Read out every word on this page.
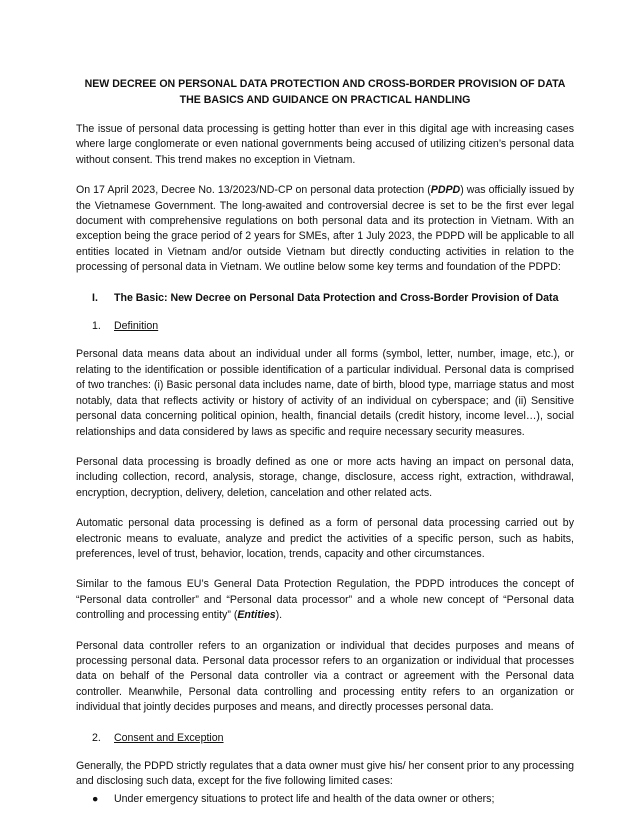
NEW DECREE ON PERSONAL DATA PROTECTION AND CROSS-BORDER PROVISION OF DATA THE BASICS AND GUIDANCE ON PRACTICAL HANDLING

The issue of personal data processing is getting hotter than ever in this digital age with increasing cases where large conglomerate or even national governments being accused of utilizing citizen’s personal data without consent. This trend makes no exception in Vietnam.

On 17 April 2023, Decree No. 13/2023/ND-CP on personal data protection (PDPD) was officially issued by the Vietnamese Government. The long-awaited and controversial decree is set to be the first ever legal document with comprehensive regulations on both personal data and its protection in Vietnam. With an exception being the grace period of 2 years for SMEs, after 1 July 2023, the PDPD will be applicable to all entities located in Vietnam and/or outside Vietnam but directly conducting activities in relation to the processing of personal data in Vietnam. We outline below some key terms and foundation of the PDPD:

I.	The Basic: New Decree on Personal Data Protection and Cross-Border Provision of Data
1.	Definition

Personal data means data about an individual under all forms (symbol, letter, number, image, etc.), or relating to the identification or possible identification of a particular individual. Personal data is comprised of two tranches: (i) Basic personal data includes name, date of birth, blood type, marriage status and most notably, data that reflects activity or history of activity of an individual on cyberspace; and (ii) Sensitive personal data concerning political opinion, health, financial details (credit history, income level…), social relationships and data considered by laws as specific and require necessary security measures.

Personal data processing is broadly defined as one or more acts having an impact on personal data, including collection, record, analysis, storage, change, disclosure, access right, extraction, withdrawal, encryption, decryption, delivery, deletion, cancelation and other related acts.

Automatic personal data processing is defined as a form of personal data processing carried out by electronic means to evaluate, analyze and predict the activities of a specific person, such as habits, preferences, level of trust, behavior, location, trends, capacity and other circumstances.

Similar to the famous EU’s General Data Protection Regulation, the PDPD introduces the concept of “Personal data controller” and “Personal data processor” and a whole new concept of “Personal data controlling and processing entity” (Entities).

Personal data controller refers to an organization or individual that decides purposes and means of processing personal data. Personal data processor refers to an organization or individual that processes data on behalf of the Personal data controller via a contract or agreement with the Personal data controller. Meanwhile, Personal data controlling and processing entity refers to an organization or individual that jointly decides purposes and means, and directly processes personal data.

2.	Consent and Exception

Generally, the PDPD strictly regulates that a data owner must give his/ her consent prior to any processing and disclosing such data, except for the five following limited cases:

●	Under emergency situations to protect life and health of the data owner or others;
